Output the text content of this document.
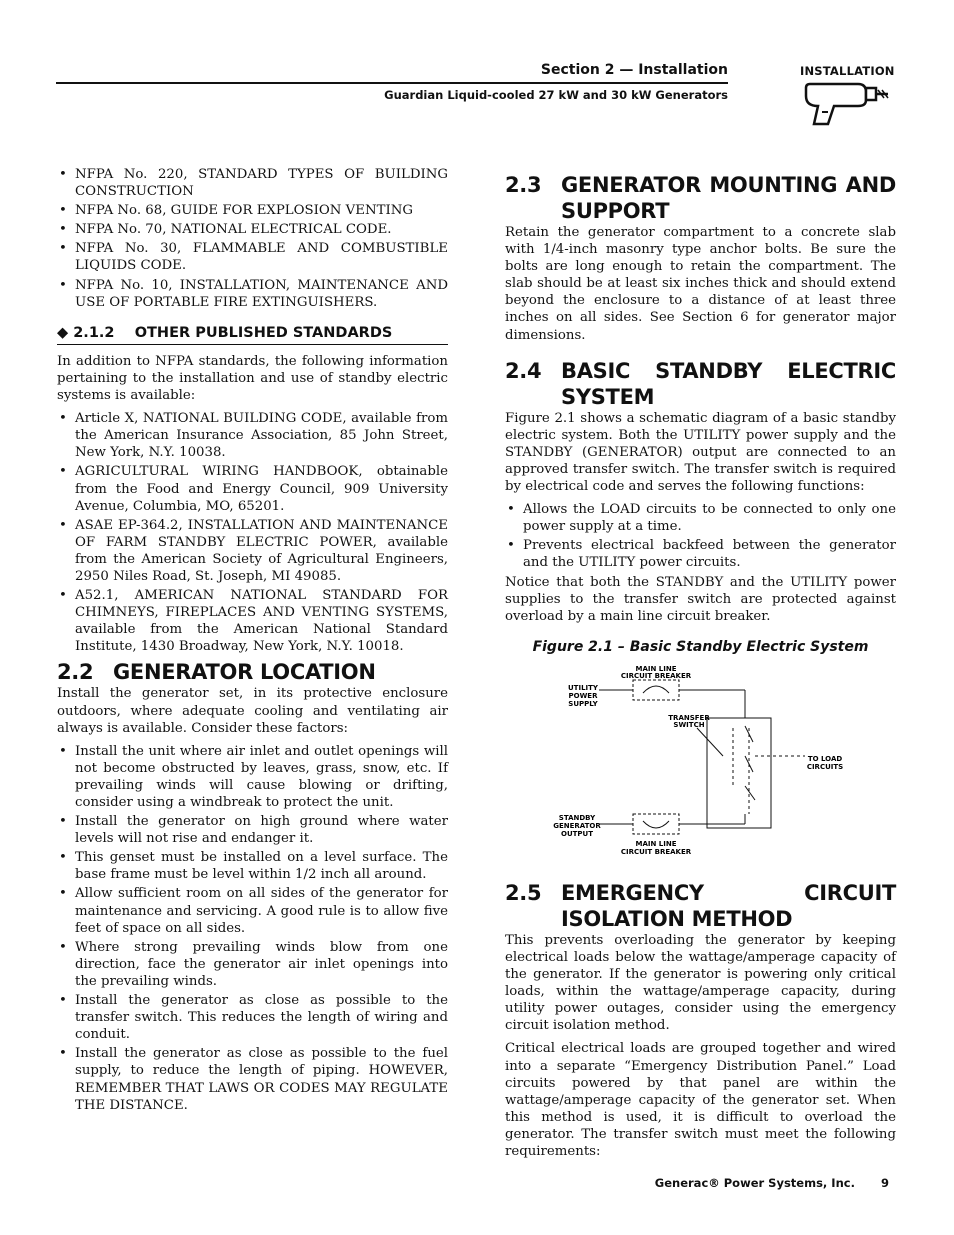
Section 2 — Installation
Guardian Liquid-cooled 27 kW and 30 kW Generators
INSTALLATION
• NFPA No. 220, STANDARD TYPES OF BUILDING CONSTRUCTION
• NFPA No. 68, GUIDE FOR EXPLOSION VENTING
• NFPA No. 70, NATIONAL ELECTRICAL CODE.
• NFPA No. 30, FLAMMABLE AND COMBUSTIBLE LIQUIDS CODE.
• NFPA No. 10, INSTALLATION, MAINTENANCE AND USE OF PORTABLE FIRE EXTINGUISHERS.
◆ 2.1.2 OTHER PUBLISHED STANDARDS

In addition to NFPA standards, the following information pertaining to the installation and use of standby electric systems is available:

• Article X, NATIONAL BUILDING CODE, available from the American Insurance Association, 85 John Street, New York, N.Y. 10038.
• AGRICULTURAL WIRING HANDBOOK, obtainable from the Food and Energy Council, 909 University Avenue, Columbia, MO, 65201.
• ASAE EP-364.2, INSTALLATION AND MAINTENANCE OF FARM STANDBY ELECTRIC POWER, available from the American Society of Agricultural Engineers, 2950 Niles Road, St. Joseph, MI 49085.
• A52.1, AMERICAN NATIONAL STANDARD FOR CHIMNEYS, FIREPLACES AND VENTING SYSTEMS, available from the American National Standard Institute, 1430 Broadway, New York, N.Y. 10018.
2.2 GENERATOR LOCATION

Install the generator set, in its protective enclosure outdoors, where adequate cooling and ventilating air always is available. Consider these factors:

• Install the unit where air inlet and outlet openings will not become obstructed by leaves, grass, snow, etc. If prevailing winds will cause blowing or drifting, consider using a windbreak to protect the unit.
• Install the generator on high ground where water levels will not rise and endanger it.
• This genset must be installed on a level surface. The base frame must be level within 1/2 inch all around.
• Allow sufficient room on all sides of the generator for maintenance and servicing. A good rule is to allow five feet of space on all sides.
• Where strong prevailing winds blow from one direction, face the generator air inlet openings into the prevailing winds.
• Install the generator as close as possible to the transfer switch. This reduces the length of wiring and conduit.
• Install the generator as close as possible to the fuel supply, to reduce the length of piping. HOWEVER, REMEMBER THAT LAWS OR CODES MAY REGULATE THE DISTANCE.
2.3 GENERATOR MOUNTING AND SUPPORT

Retain the generator compartment to a concrete slab with 1/4-inch masonry type anchor bolts. Be sure the bolts are long enough to retain the compartment. The slab should be at least six inches thick and should extend beyond the enclosure to a distance of at least three inches on all sides. See Section 6 for generator major dimensions.

2.4 BASIC STANDBY ELECTRIC SYSTEM

Figure 2.1 shows a schematic diagram of a basic standby electric system. Both the UTILITY power supply and the STANDBY (GENERATOR) output are connected to an approved transfer switch. The transfer switch is required by electrical code and serves the following functions:

• Allows the LOAD circuits to be connected to only one power supply at a time.
• Prevents electrical backfeed between the generator and the UTILITY power circuits.

Notice that both the STANDBY and the UTILITY power supplies to the transfer switch are protected against overload by a main line circuit breaker.

Figure 2.1 – Basic Standby Electric System
MAIN LINE
CIRCUIT BREAKER
UTILITY
POWER
SUPPLY
TRANSFER
SWITCH
TO LOAD
CIRCUITS
STANDBY
GENERATOR
OUTPUT
MAIN LINE
CIRCUIT BREAKER
2.5 EMERGENCY CIRCUIT ISOLATION METHOD

This prevents overloading the generator by keeping electrical loads below the wattage/amperage capacity of the generator. If the generator is powering only critical loads, within the wattage/amperage capacity, during utility power outages, consider using the emergency circuit isolation method.

Critical electrical loads are grouped together and wired into a separate “Emergency Distribution Panel.” Load circuits powered by that panel are within the wattage/amperage capacity of the generator set. When this method is used, it is difficult to overload the generator. The transfer switch must meet the following requirements:

Generac® Power Systems, Inc. 9
